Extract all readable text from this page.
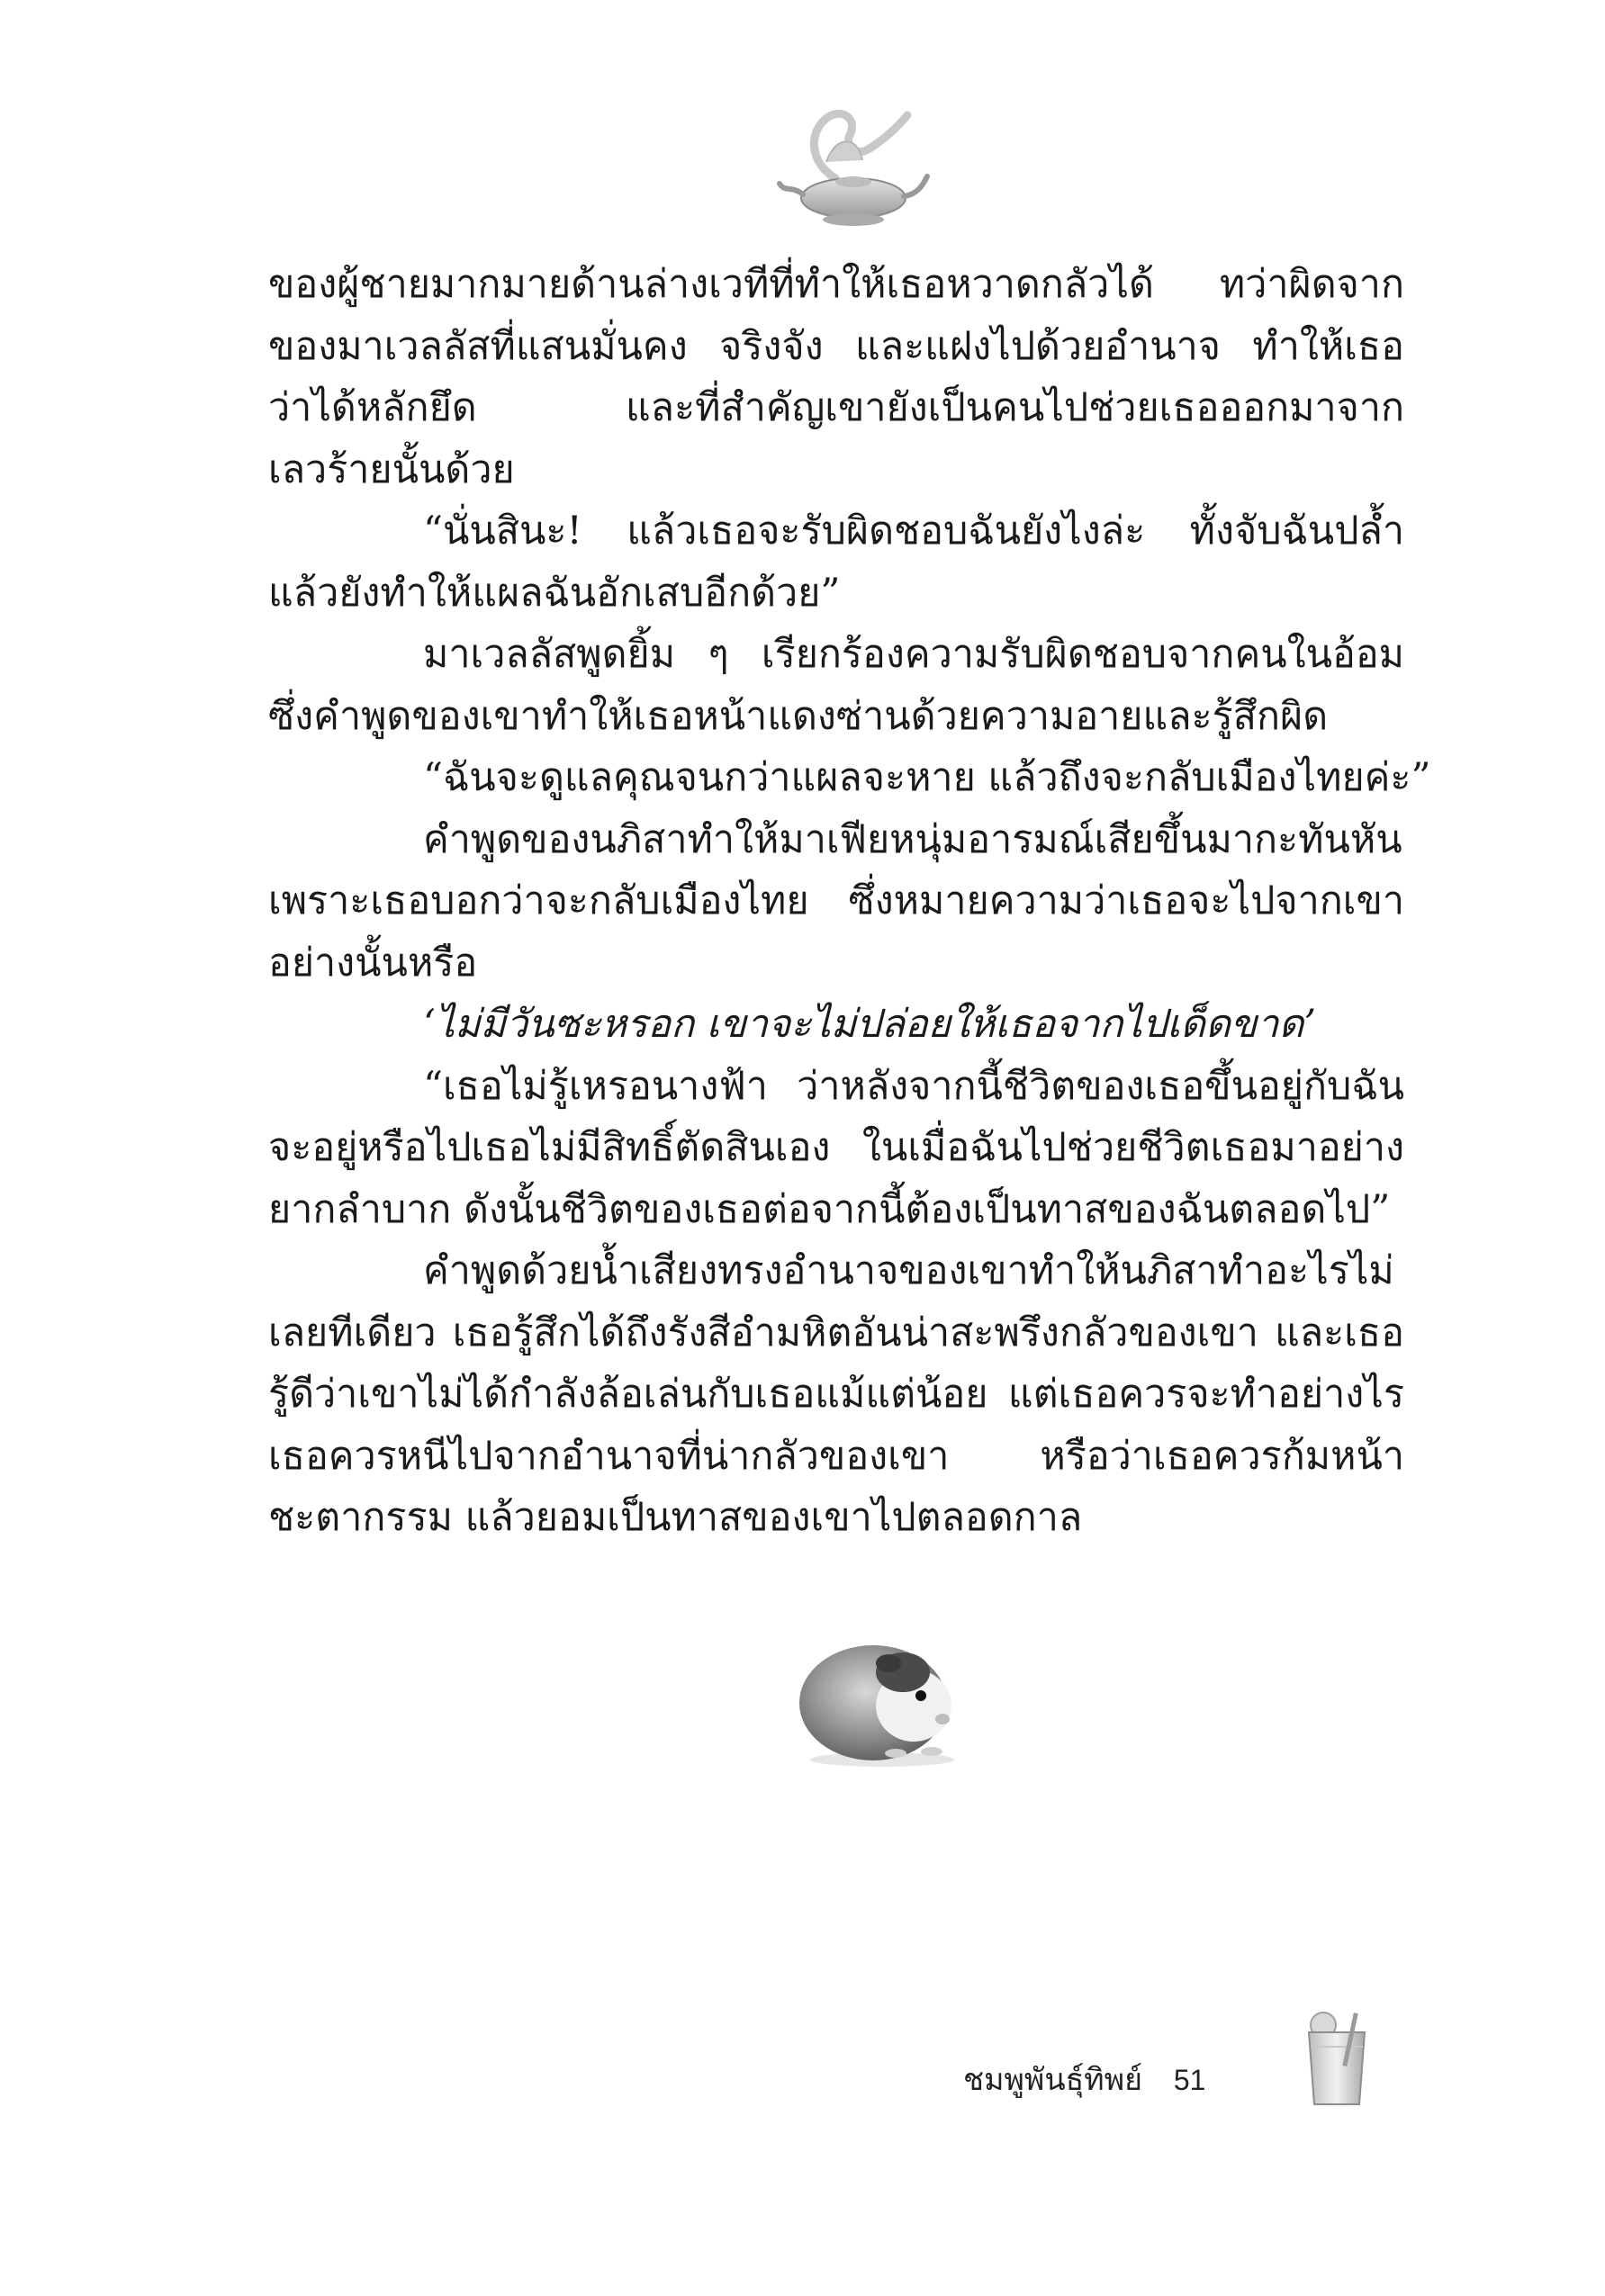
ของผู้ชายมากมายด้านล่างเวทีที่ทำให้เธอหวาดกลัวได้ ทว่าผิดจาก
ของมาเวลลัสที่แสนมั่นคง จริงจัง และแฝงไปด้วยอำนาจ ทำให้เธอ
ว่าได้หลักยึด และที่สำคัญเขายังเป็นคนไปช่วยเธอออกมาจาก
เลวร้ายนั้นด้วย
“นั่นสินะ! แล้วเธอจะรับผิดชอบฉันยังไงล่ะ ทั้งจับฉันปล้ำ
แล้วยังทำให้แผลฉันอักเสบอีกด้วย”
มาเวลลัสพูดยิ้ม ๆ เรียกร้องความรับผิดชอบจากคนในอ้อม
ซึ่งคำพูดของเขาทำให้เธอหน้าแดงซ่านด้วยความอายและรู้สึกผิด
“ฉันจะดูแลคุณจนกว่าแผลจะหาย แล้วถึงจะกลับเมืองไทยค่ะ”
คำพูดของนภิสาทำให้มาเฟียหนุ่มอารมณ์เสียขึ้นมากะทันหัน
เพราะเธอบอกว่าจะกลับเมืองไทย ซึ่งหมายความว่าเธอจะไปจากเขา
อย่างนั้นหรือ
‘ไม่มีวันซะหรอก เขาจะไม่ปล่อยให้เธอจากไปเด็ดขาด’
“เธอไม่รู้เหรอนางฟ้า ว่าหลังจากนี้ชีวิตของเธอขึ้นอยู่กับฉัน
จะอยู่หรือไปเธอไม่มีสิทธิ์ตัดสินเอง ในเมื่อฉันไปช่วยชีวิตเธอมาอย่าง
ยากลำบาก ดังนั้นชีวิตของเธอต่อจากนี้ต้องเป็นทาสของฉันตลอดไป”
คำพูดด้วยน้ำเสียงทรงอำนาจของเขาทำให้นภิสาทำอะไรไม่
เลยทีเดียว เธอรู้สึกได้ถึงรังสีอำมหิตอันน่าสะพรึงกลัวของเขา และเธอ
รู้ดีว่าเขาไม่ได้กำลังล้อเล่นกับเธอแม้แต่น้อย แต่เธอควรจะทำอย่างไร
เธอควรหนีไปจากอำนาจที่น่ากลัวของเขา หรือว่าเธอควรก้มหน้า
ชะตากรรม แล้วยอมเป็นทาสของเขาไปตลอดกาล
ชมพูพันธุ์ทิพย์ 51
